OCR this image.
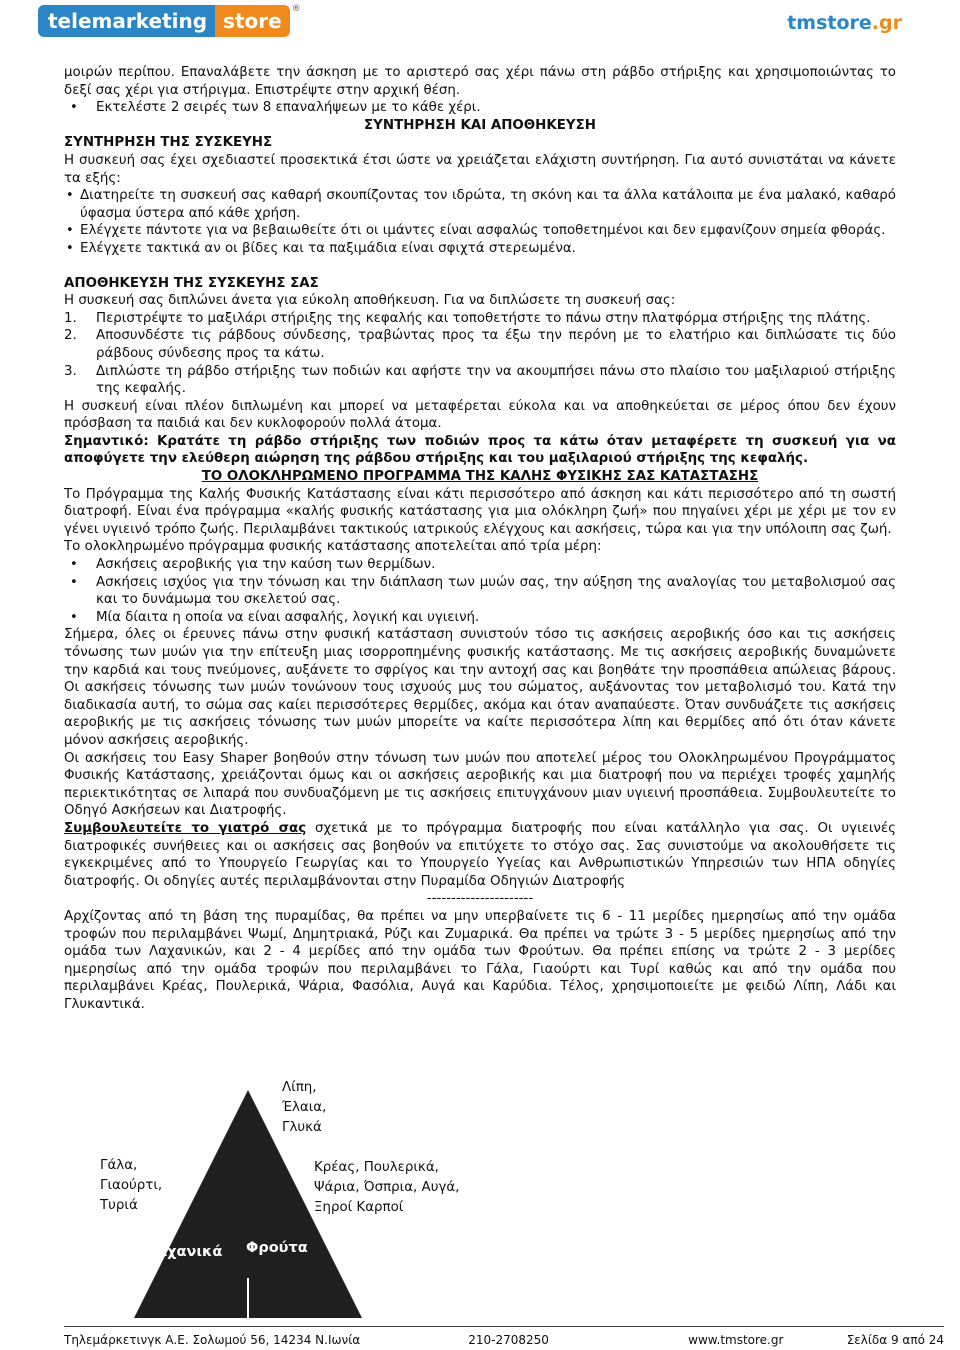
telemarketing store	®
tmstore.gr

μοιρών περίπου. Επαναλάβετε την άσκηση με το αριστερό σας χέρι πάνω στη ράβδο στήριξης και χρησιμοποιώντας το δεξί σας χέρι για στήριγμα. Επιστρέψτε στην αρχική θέση.

• Εκτελέστε 2 σειρές των 8 επαναλήψεων με το κάθε χέρι.

ΣΥΝΤΗΡΗΣΗ ΚΑΙ ΑΠΟΘΗΚΕΥΣΗ

ΣΥΝΤΗΡΗΣΗ ΤΗΣ ΣΥΣΚΕΥΗΣ

Η συσκευή σας έχει σχεδιαστεί προσεκτικά έτσι ώστε να χρειάζεται ελάχιστη συντήρηση. Για αυτό συνιστάται να κάνετε τα εξής:

• Διατηρείτε τη συσκευή σας καθαρή σκουπίζοντας τον ιδρώτα, τη σκόνη και τα άλλα κατάλοιπα με ένα μαλακό, καθαρό ύφασμα ύστερα από κάθε χρήση.
• Ελέγχετε πάντοτε για να βεβαιωθείτε ότι οι ιμάντες είναι ασφαλώς τοποθετημένοι και δεν εμφανίζουν σημεία φθοράς.
• Ελέγχετε τακτικά αν οι βίδες και τα παξιμάδια είναι σφιχτά στερεωμένα.

ΑΠΟΘΗΚΕΥΣΗ ΤΗΣ ΣΥΣΚΕΥΗΣ ΣΑΣ

Η συσκευή σας διπλώνει άνετα για εύκολη αποθήκευση. Για να διπλώσετε τη συσκευή σας:

1. Περιστρέψτε το μαξιλάρι στήριξης της κεφαλής και τοποθετήστε το πάνω στην πλατφόρμα στήριξης της πλάτης.
2. Αποσυνδέστε τις ράβδους σύνδεσης, τραβώντας προς τα έξω την περόνη με το ελατήριο και διπλώσατε τις δύο ράβδους σύνδεσης προς τα κάτω.
3. Διπλώστε τη ράβδο στήριξης των ποδιών και αφήστε την να ακουμπήσει πάνω στο πλαίσιο του μαξιλαριού στήριξης της κεφαλής.

Η συσκευή είναι πλέον διπλωμένη και μπορεί να μεταφέρεται εύκολα και να αποθηκεύεται σε μέρος όπου δεν έχουν πρόσβαση τα παιδιά και δεν κυκλοφορούν πολλά άτομα.

Σημαντικό: Κρατάτε τη ράβδο στήριξης των ποδιών προς τα κάτω όταν μεταφέρετε τη συσκευή για να αποφύγετε την ελεύθερη αιώρηση της ράβδου στήριξης και του μαξιλαριού στήριξης της κεφαλής.

ΤΟ ΟΛΟΚΛΗΡΩΜΕΝΟ ΠΡΟΓΡΑΜΜΑ ΤΗΣ ΚΑΛΗΣ ΦΥΣΙΚΗΣ ΣΑΣ ΚΑΤΑΣΤΑΣΗΣ

Το Πρόγραμμα της Καλής Φυσικής Κατάστασης είναι κάτι περισσότερο από άσκηση και κάτι περισσότερο από τη σωστή διατροφή. Είναι ένα πρόγραμμα «καλής φυσικής κατάστασης για μια ολόκληρη ζωή» που πηγαίνει χέρι με χέρι με τον εν γένει υγιεινό τρόπο ζωής. Περιλαμβάνει τακτικούς ιατρικούς ελέγχους και ασκήσεις, τώρα και για την υπόλοιπη σας ζωή.

Το ολοκληρωμένο πρόγραμμα φυσικής κατάστασης αποτελείται από τρία μέρη:

• Ασκήσεις αεροβικής για την καύση των θερμίδων.
• Ασκήσεις ισχύος για την τόνωση και την διάπλαση των μυών σας, την αύξηση της αναλογίας του μεταβολισμού σας και το δυνάμωμα του σκελετού σας.
• Μία δίαιτα η οποία να είναι ασφαλής, λογική και υγιεινή.

Σήμερα, όλες οι έρευνες πάνω στην φυσική κατάσταση συνιστούν τόσο τις ασκήσεις αεροβικής όσο και τις ασκήσεις τόνωσης των μυών για την επίτευξη μιας ισορροπημένης φυσικής κατάστασης. Με τις ασκήσεις αεροβικής δυναμώνετε την καρδιά και τους πνεύμονες, αυξάνετε το σφρίγος και την αντοχή σας και βοηθάτε την προσπάθεια απώλειας βάρους. Οι ασκήσεις τόνωσης των μυών τονώνουν τους ισχυούς μυς του σώματος, αυξάνοντας τον μεταβολισμό του. Κατά την διαδικασία αυτή, το σώμα σας καίει περισσότερες θερμίδες, ακόμα και όταν αναπαύεστε. Όταν συνδυάζετε τις ασκήσεις αεροβικής με τις ασκήσεις τόνωσης των μυών μπορείτε να καίτε περισσότερα λίπη και θερμίδες από ότι όταν κάνετε μόνον ασκήσεις αεροβικής.

Οι ασκήσεις του Easy Shaper βοηθούν στην τόνωση των μυών που αποτελεί μέρος του Ολοκληρωμένου Προγράμματος Φυσικής Κατάστασης, χρειάζονται όμως και οι ασκήσεις αεροβικής και μια διατροφή που να περιέχει τροφές χαμηλής περιεκτικότητας σε λιπαρά που συνδυαζόμενη με τις ασκήσεις επιτυγχάνουν μιαν υγιεινή προσπάθεια. Συμβουλευτείτε το Οδηγό Ασκήσεων και Διατροφής.

Συμβουλευτείτε το γιατρό σας σχετικά με το πρόγραμμα διατροφής που είναι κατάλληλο για σας. Οι υγιεινές διατροφικές συνήθειες και οι ασκήσεις σας βοηθούν να επιτύχετε το στόχο σας. Σας συνιστούμε να ακολουθήσετε τις εγκεκριμένες από το Υπουργείο Γεωργίας και το Υπουργείο Υγείας και Ανθρωπιστικών Υπηρεσιών των ΗΠΑ οδηγίες διατροφής. Οι οδηγίες αυτές περιλαμβάνονται στην Πυραμίδα Οδηγιών Διατροφής

----------------------

Αρχίζοντας από τη βάση της πυραμίδας, θα πρέπει να μην υπερβαίνετε τις 6 - 11 μερίδες ημερησίως από την ομάδα τροφών που περιλαμβάνει Ψωμί, Δημητριακά, Ρύζι και Ζυμαρικά. Θα πρέπει να τρώτε 3 - 5 μερίδες ημερησίως από την ομάδα των Λαχανικών, και 2 - 4 μερίδες από την ομάδα των Φρούτων. Θα πρέπει επίσης να τρώτε 2 - 3 μερίδες ημερησίως από την ομάδα τροφών που περιλαμβάνει το Γάλα, Γιαούρτι και Τυρί καθώς και από την ομάδα που περιλαμβάνει Κρέας, Πουλερικά, Ψάρια, Φασόλια, Αυγά και Καρύδια. Τέλος, χρησιμοποιείτε με φειδώ Λίπη, Λάδι και Γλυκαντικά.

Λίπη,
Έλαια,
Γλυκά
Γάλα,
Γιαούρτι,
Τυριά
Κρέας, Πουλερικά,
Ψάρια, Όσπρια, Αυγά,
Ξηροί Καρποί
Λαχανικά Φρούτα
Τηλεμάρκετινγκ Α.Ε. Σολωμού 56, 14234 Ν.Ιωνία	210-2708250	www.tmstore.gr	Σελίδα 9 από 24
